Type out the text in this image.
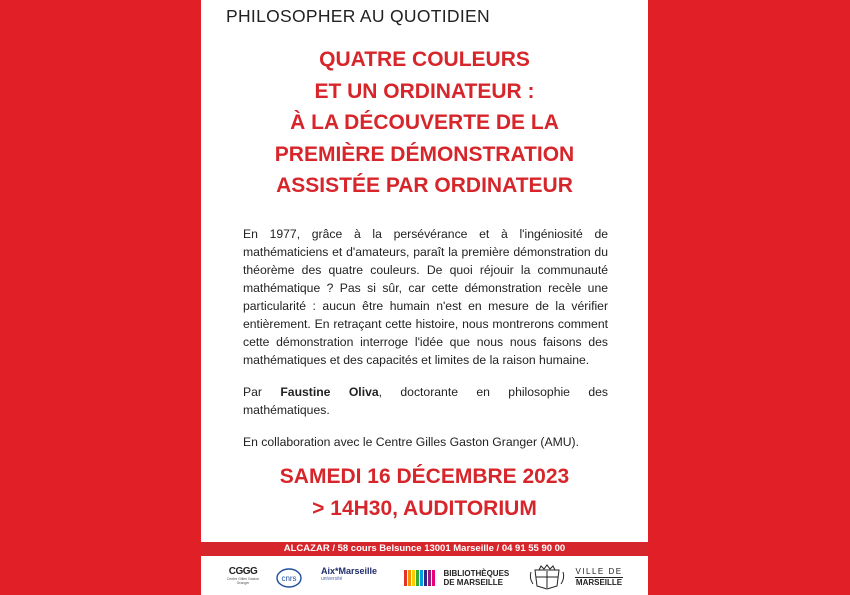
PHILOSOPHER AU QUOTIDIEN
QUATRE COULEURS
ET UN ORDINATEUR :
À LA DÉCOUVERTE DE LA
PREMIÈRE DÉMONSTRATION
ASSISTÉE PAR ORDINATEUR

En 1977, grâce à la persévérance et à l'ingéniosité de mathématiciens et d'amateurs, paraît la première démonstration du théorème des quatre couleurs. De quoi réjouir la communauté mathématique ? Pas si sûr, car cette démonstration recèle une particularité : aucun être humain n'est en mesure de la vérifier entièrement. En retraçant cette histoire, nous montrerons comment cette démonstration interroge l'idée que nous nous faisons des mathématiques et des capacités et limites de la raison humaine.

Par Faustine Oliva, doctorante en philosophie des mathématiques.

En collaboration avec le Centre Gilles Gaston Granger (AMU).

SAMEDI 16 DÉCEMBRE 2023
> 14H30, AUDITORIUM
ALCAZAR / 58 cours Belsunce 13001 Marseille / 04 91 55 90 00
CGGG
Centre Gilles Gaston Granger	cnrs
Aix*Marseille
université
BIBLIOTHÈQUES
DE MARSEILLE

VILLE DE
MARSEILLE
